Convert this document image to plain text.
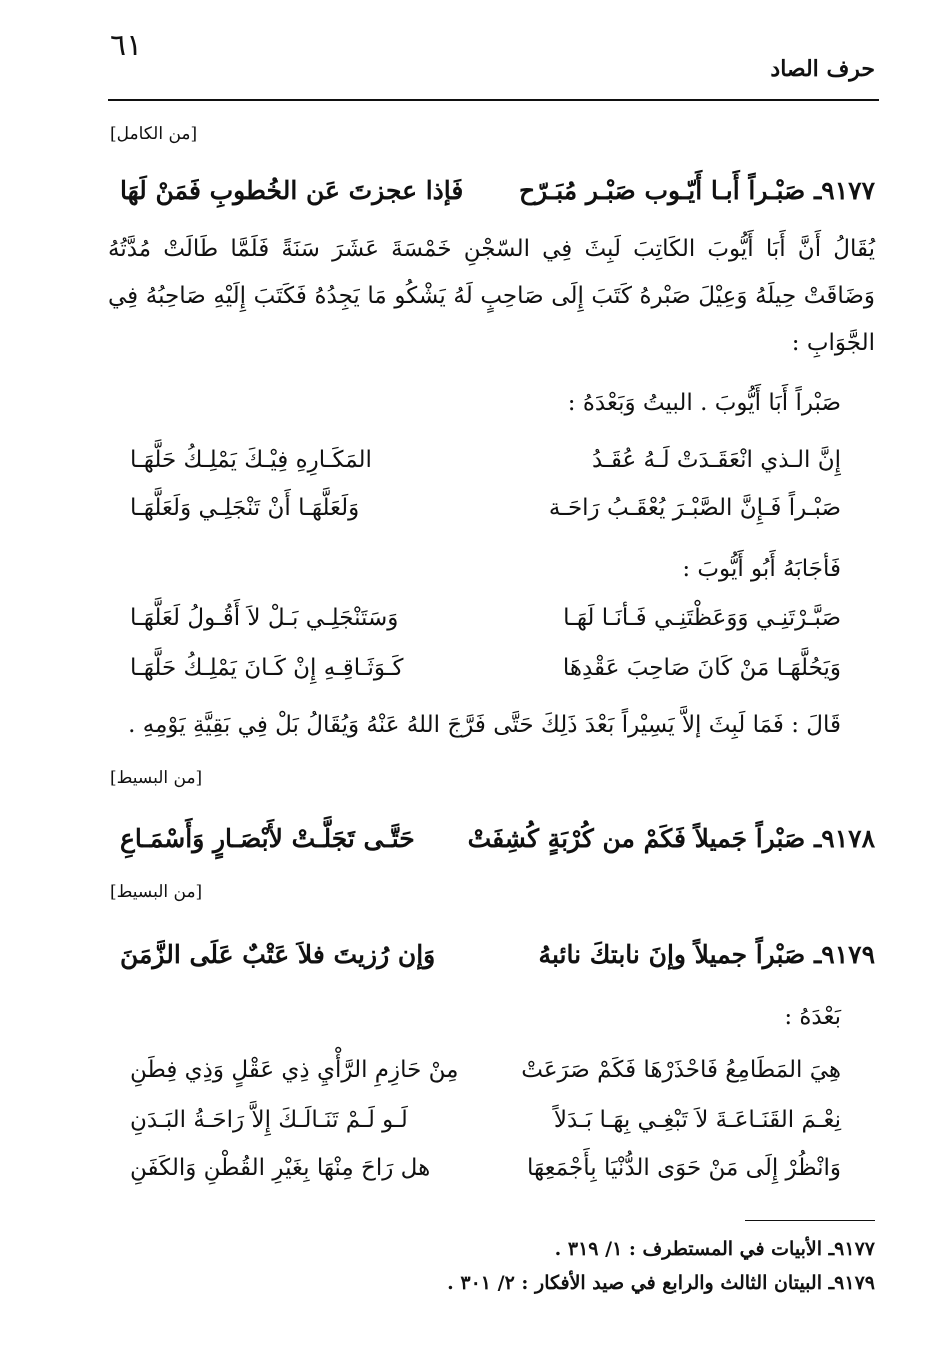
٦١
حرف الصاد
[من الكامل]
٩١٧٧ـ صَبْـراً أَبـا أَيّـوب صَبْـر مُبَـرّح
فَإذا عجزتَ عَن الخُطوبِ فَمَنْ لَهَا
يُقَالُ أَنَّ أَبَا أَيُّوبَ الكَاتِبَ لَبِثَ فِي السّجْنِ خَمْسَةَ عَشَرَ سَنَةً فَلَمَّا طَالَتْ مُدَّتُهُ وَضَاقَتْ حِيلَهُ وَعِيْلَ صَبْرهُ كَتَبَ إِلَى صَاحِبٍ لَهُ يَشْكُو مَا يَجِدُهُ فَكَتَبَ إِلَيْهِ صَاحِبُهُ فِي الجَّوَابِ :
صَبْراً أَبَا أَيُّوبَ . البيتُ وَبَعْدَهُ :
إِنَّ الـذي انْعَقَـدَتْ لَـهُ عُقَـدُ
المَكَـارِهِ فِيْـكَ يَمْلِـكُ حَلَّهَـا
صَبْـراً فَـإِنَّ الصَّبْـرَ يُعْقَـبُ رَاحَـة
وَلَعَلَّهَـا أَنْ تَنْجَلِـي وَلَعَلَّهَـا
فَأجَابَهُ أَبُو أَيُّوبَ :
صَبَّـرْتَنِـي وَوَعَظْتَنِـي فَـأنَـا لَهَـا
وَسَتَنْجَلِـي بَـلْ لاَ أَقُـولُ لَعَلَّهَـا
وَيَحُلَّهَـا مَنْ كَانَ صَاحِبَ عَقْدِهَا
كَـوَثَـاقِـهِ إِنْ كَـانَ يَمْلِـكُ حَلَّهَـا
قَالَ : فَمَا لَبِثَ إلاَّ يَسِيْراً بَعْدَ ذَلِكَ حَتَّى فَرَّجَ اللهُ عَنْهُ وَيُقَالُ بَلْ فِي بَقِيَّةِ يَوْمِهِ .
[من البسيط]
٩١٧٨ـ صَبْراً جَميلاً فَكَمْ من كُرْبَةٍ كُشِفَتْ
حَتَّـى تَجَلَّـتْ لأَبْصَـارٍ وَأَسْمَـاعِ
[من البسيط]
٩١٧٩ـ صَبْراً جميلاً وإنَ نابتكَ نائبهُ
وَإن رُزيتَ فلاَ عَتْبٌ عَلَى الزَّمَنَ
بَعْدَهُ :
هِيَ المَطَامِعُ فَاحْذَرْهَا فَكَمْ صَرَعَتْ
مِنْ حَازِمِ الرَّأْيِ ذِي عَقْلٍ وَذِي فِطَنِ
نِعْـمَ القَنَـاعَـةَ لاَ تَبْغِـي بِهَـا بَـدَلاً
لَـو لَـمْ تَنَـالَـكَ إِلاَّ رَاحَـةُ البَـدَنِ
وَانْظُرْ إِلَى مَنْ حَوَى الدُّنْيَا بِأَجْمَعِهَا
هل رَاحَ مِنْهَا بِغَيْرِ القُطْنِ وَالكَفَنِ
٩١٧٧ـ الأبيات في المستطرف : ١/ ٣١٩ .
٩١٧٩ـ البيتان الثالث والرابع في صيد الأفكار : ٢/ ٣٠١ .
